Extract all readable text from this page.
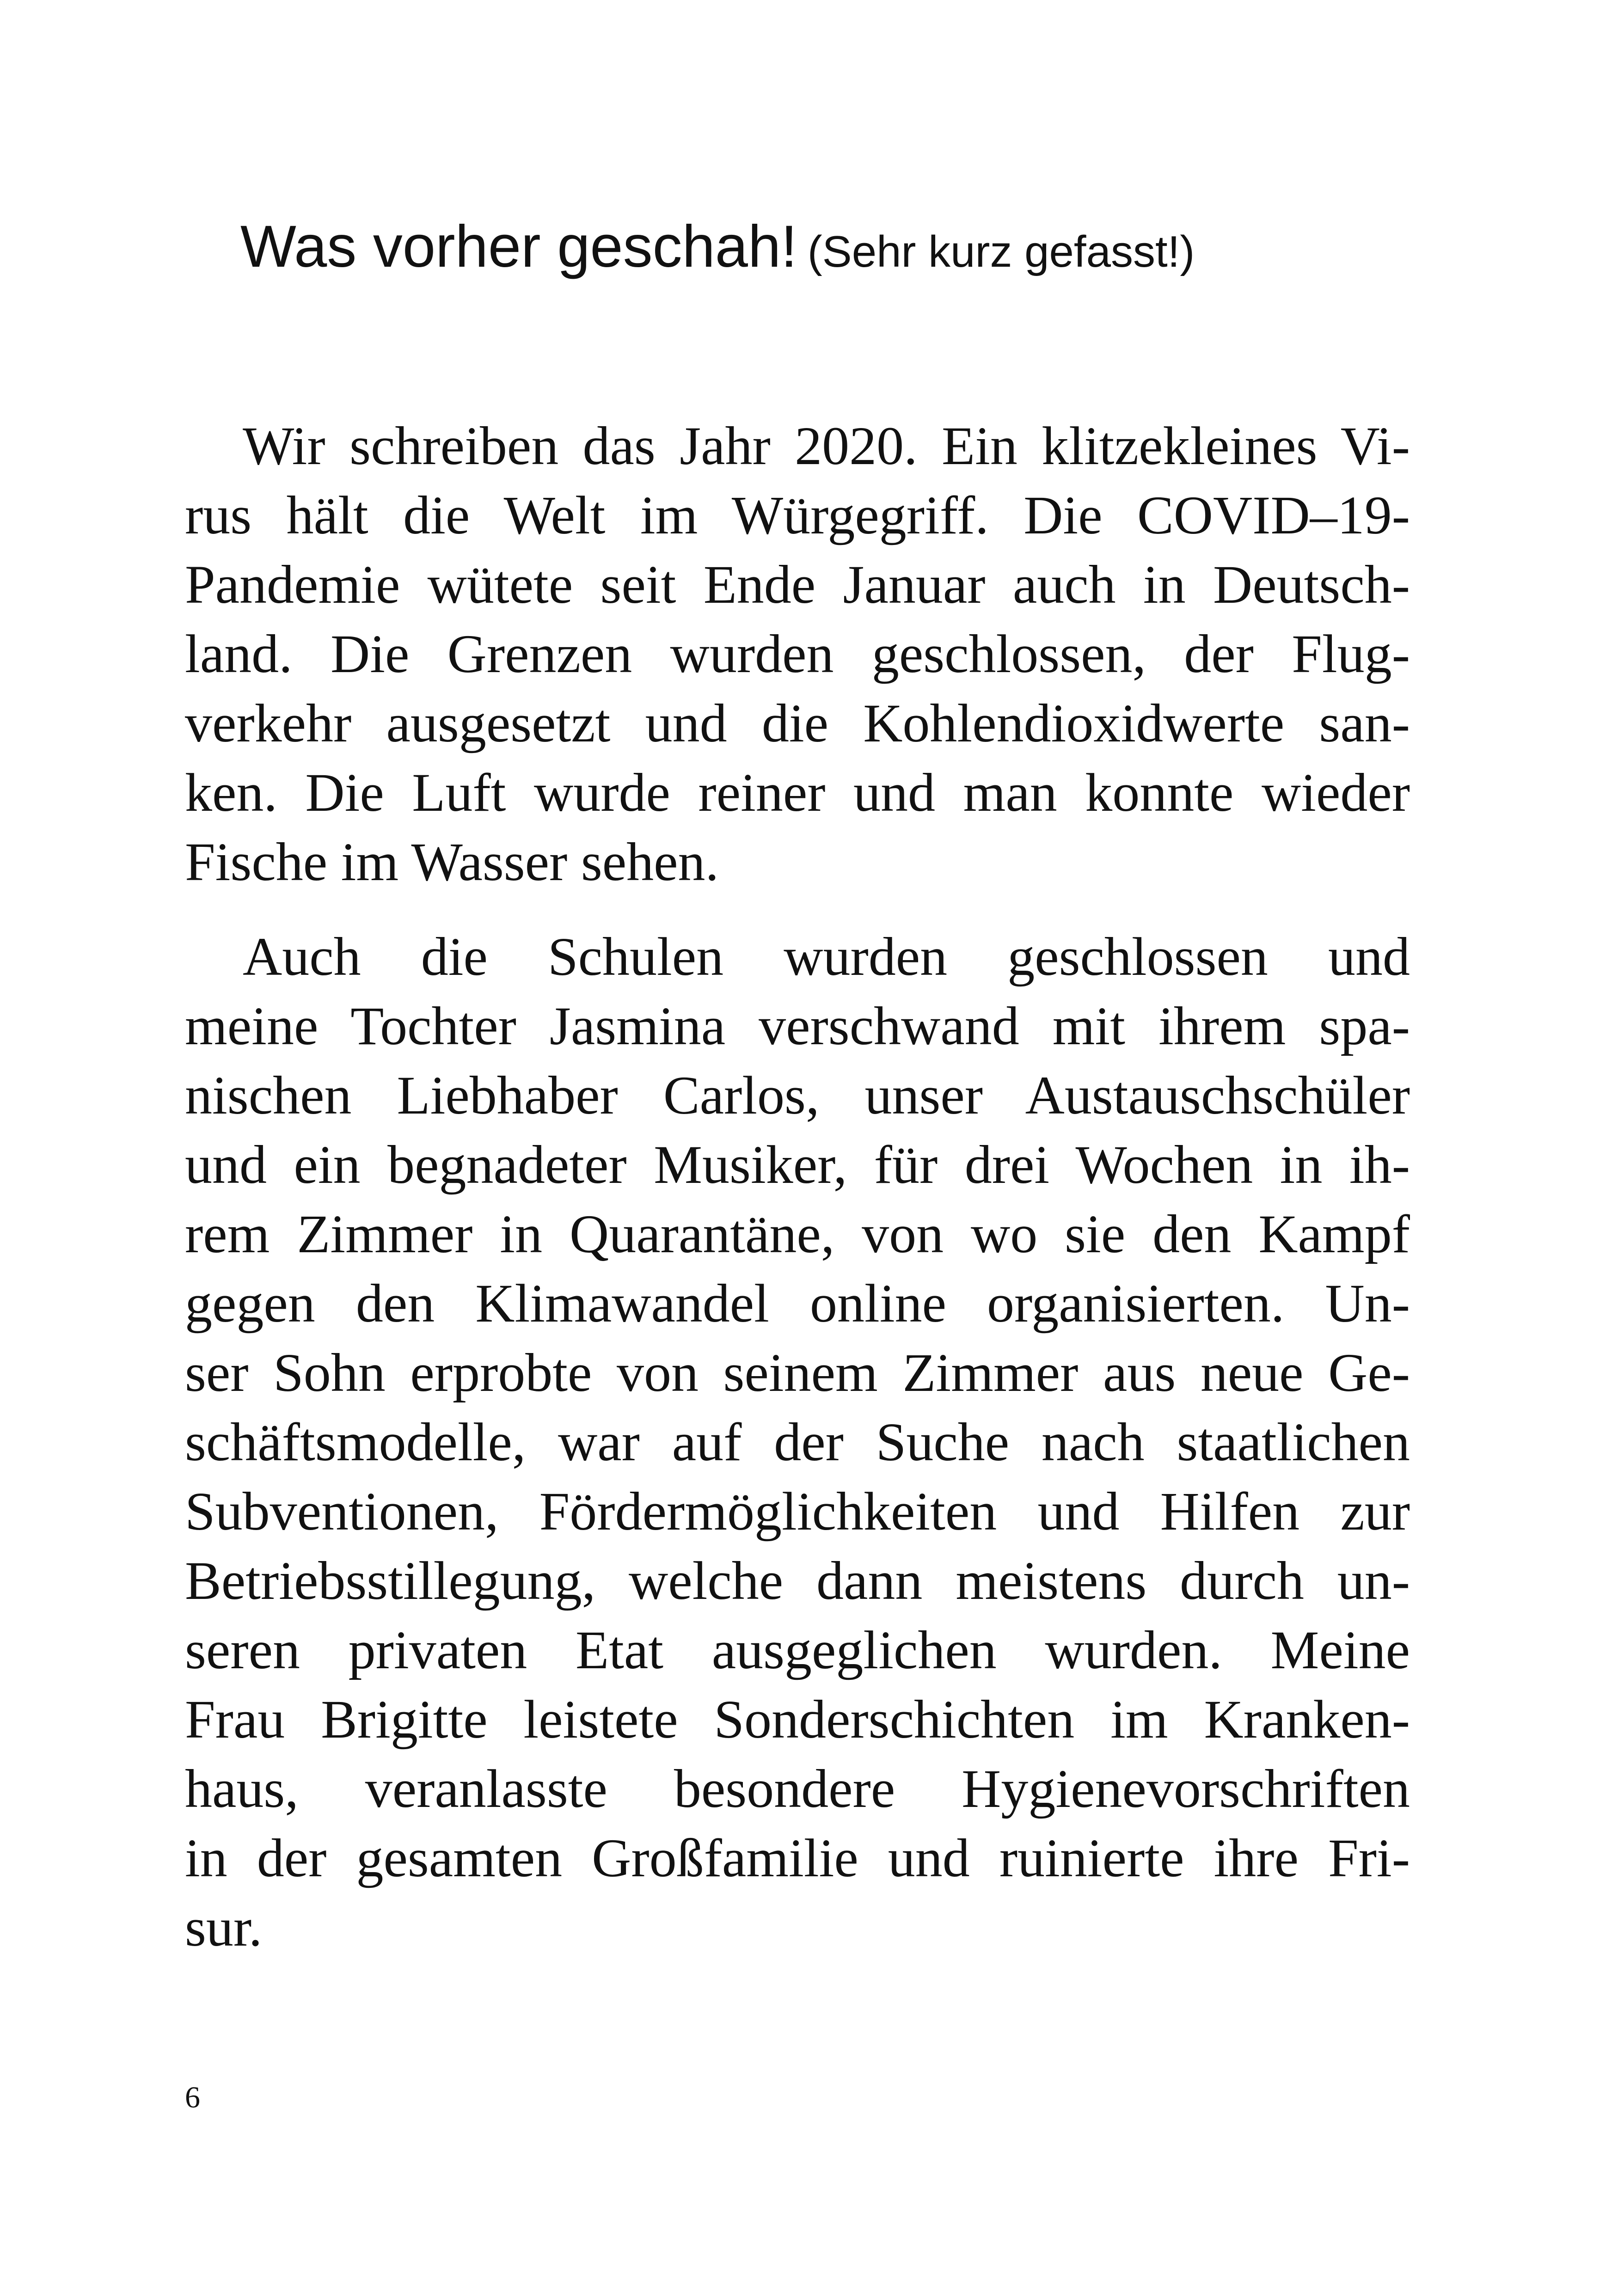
Was vorher geschah! (Sehr kurz gefasst!)

Wir schreiben das Jahr 2020. Ein klitzekleines Vi-
rus hält die Welt im Würgegriff. Die COVID–19-
Pandemie wütete seit Ende Januar auch in Deutsch-
land. Die Grenzen wurden geschlossen, der Flug-
verkehr ausgesetzt und die Kohlendioxidwerte san-
ken. Die Luft wurde reiner und man konnte wieder
Fische im Wasser sehen.

Auch die Schulen wurden geschlossen und
meine Tochter Jasmina verschwand mit ihrem spa-
nischen Liebhaber Carlos, unser Austauschschüler
und ein begnadeter Musiker, für drei Wochen in ih-
rem Zimmer in Quarantäne, von wo sie den Kampf
gegen den Klimawandel online organisierten. Un-
ser Sohn erprobte von seinem Zimmer aus neue Ge-
schäftsmodelle, war auf der Suche nach staatlichen
Subventionen, Fördermöglichkeiten und Hilfen zur
Betriebsstillegung, welche dann meistens durch un-
seren privaten Etat ausgeglichen wurden. Meine
Frau Brigitte leistete Sonderschichten im Kranken-
haus, veranlasste besondere Hygienevorschriften
in der gesamten Großfamilie und ruinierte ihre Fri-
sur.

6
